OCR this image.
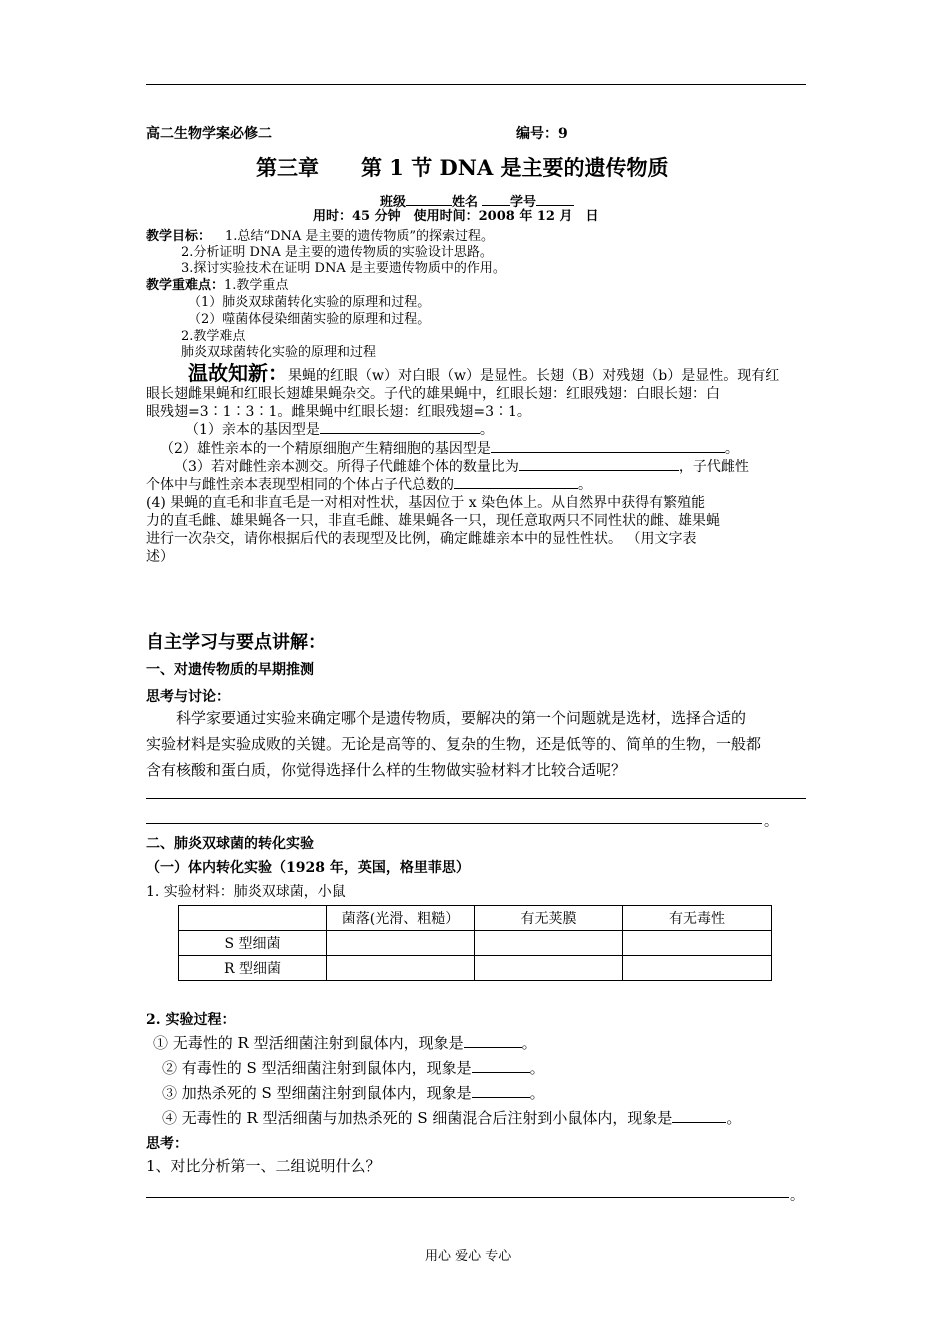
高二生物学案必修二	编号：9
第三章　　第 1 节 DNA 是主要的遗传物质
班级	姓名 学号
用时：45 分钟　使用时间：2008 年 12 月　日
教学目标： 1.总结“DNA 是主要的遗传物质”的探索过程。
2.分析证明 DNA 是主要的遗传物质的实验设计思路。
3.探讨实验技术在证明 DNA 是主要遗传物质中的作用。
教学重难点：1.教学重点
（1）肺炎双球菌转化实验的原理和过程。
（2）噬菌体侵染细菌实验的原理和过程。
2.教学难点
肺炎双球菌转化实验的原理和过程
温故知新：果蝇的红眼（w）对白眼（w）是显性。长翅（B）对残翅（b）是显性。现有红
眼长翅雌果蝇和红眼长翅雄果蝇杂交。子代的雄果蝇中，红眼长翅：红眼残翅：白眼长翅：白
眼残翅=3∶1∶3∶1。雌果蝇中红眼长翅：红眼残翅=3∶1。
（1）亲本的基因型是	。
（2）雄性亲本的一个精原细胞产生精细胞的基因型是	。
（3）若对雌性亲本测交。所得子代雌雄个体的数量比为	，子代雌性
个体中与雌性亲本表现型相同的个体占子代总数的	。
(4) 果蝇的直毛和非直毛是一对相对性状，基因位于 x 染色体上。从自然界中获得有繁殖能
力的直毛雌、雄果蝇各一只，非直毛雌、雄果蝇各一只，现任意取两只不同性状的雌、雄果蝇
进行一次杂交，请你根据后代的表现型及比例，确定雌雄亲本中的显性性状。 （用文字表
述）
自主学习与要点讲解：
一、对遗传物质的早期推测
思考与讨论：
科学家要通过实验来确定哪个是遗传物质，要解决的第一个问题就是选材，选择合适的
实验材料是实验成败的关键。无论是高等的、复杂的生物，还是低等的、简单的生物，一般都
含有核酸和蛋白质，你觉得选择什么样的生物做实验材料才比较合适呢？
。
二、肺炎双球菌的转化实验
（一）体内转化实验（1928 年，英国，格里菲思）
1. 实验材料：肺炎双球菌，小鼠
	菌落(光滑、粗糙）	有无荚膜	有无毒性
S 型细菌			
R 型细菌			
2. 实验过程：
① 无毒性的 R 型活细菌注射到鼠体内，现象是	。
② 有毒性的 S 型活细菌注射到鼠体内，现象是	。
③ 加热杀死的 S 型细菌注射到鼠体内，现象是	。
④ 无毒性的 R 型活细菌与加热杀死的 S 细菌混合后注射到小鼠体内，现象是	。
思考：
1、对比分析第一、二组说明什么？
。
用心 爱心 专心
